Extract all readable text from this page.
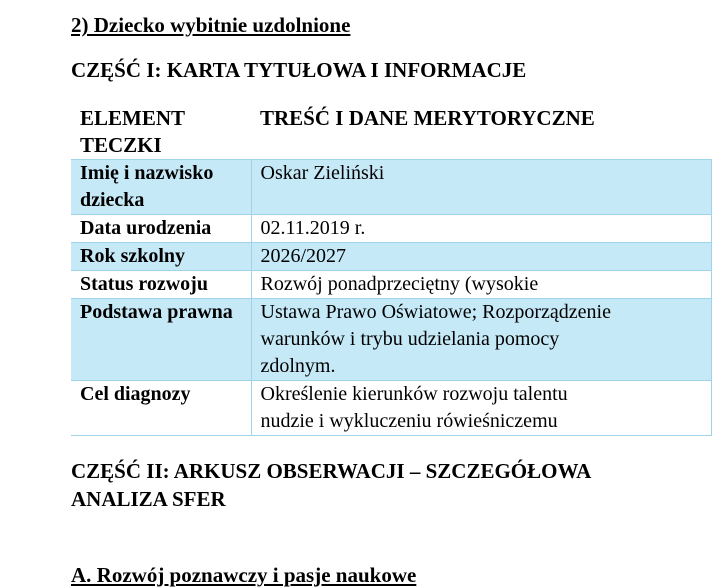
2) Dziecko wybitnie uzdolnione
CZĘŚĆ I: KARTA TYTUŁOWA I INFORMACJE
ELEMENT TECZKI	TREŚĆ I DANE MERYTORYCZNE
Imię i nazwisko dziecka	Oskar Zieliński

Data urodzenia	02.11.2019 r.

Rok szkolny	2026/2027

Status rozwoju	Rozwój ponadprzeciętny (wysokie

Podstawa prawna	Ustawa Prawo Oświatowe; Rozporządzenie
warunków i trybu udzielania pomocy
zdolnym.

Cel diagnozy	Określenie kierunków rozwoju talentu
nudzie i wykluczeniu rówieśniczemu
CZĘŚĆ II: ARKUSZ OBSERWACJI – SZCZEGÓŁOWA ANALIZA SFER
A. Rozwój poznawczy i pasje naukowe
